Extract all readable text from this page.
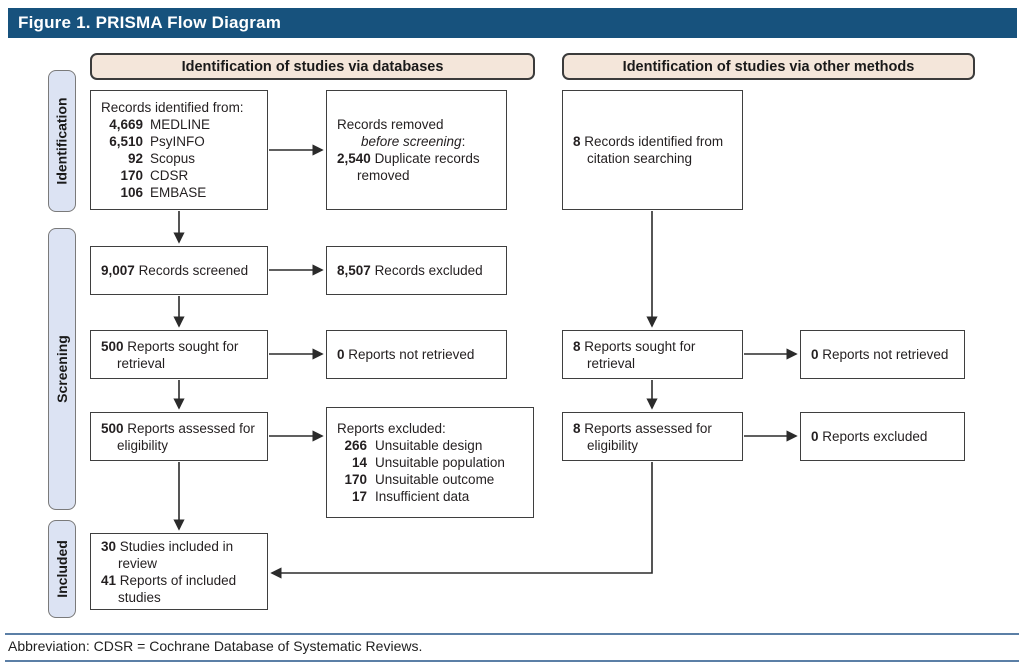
Figure 1. PRISMA Flow Diagram
Identification of studies via databases	Identification of studies via other methods
Identification
Screening
Included
Records identified from:
4,669 MEDLINE
6,510 PsyINFO
92 Scopus
170 CDSR
106 EMBASE

9,007 Records screened

500 Reports sought for retrieval

500 Reports assessed for eligibility

30 Studies included in review

41 Reports of included studies

Records removed
before screening:

2,540 Duplicate records removed

8,507 Records excluded

0 Reports not retrieved

Reports excluded:
266 Unsuitable design
14 Unsuitable population
170 Unsuitable outcome
17 Insufficient data

8 Records identified from citation searching

8 Reports sought for retrieval

8 Reports assessed for eligibility

0 Reports not retrieved

0 Reports excluded

Abbreviation: CDSR = Cochrane Database of Systematic Reviews.
